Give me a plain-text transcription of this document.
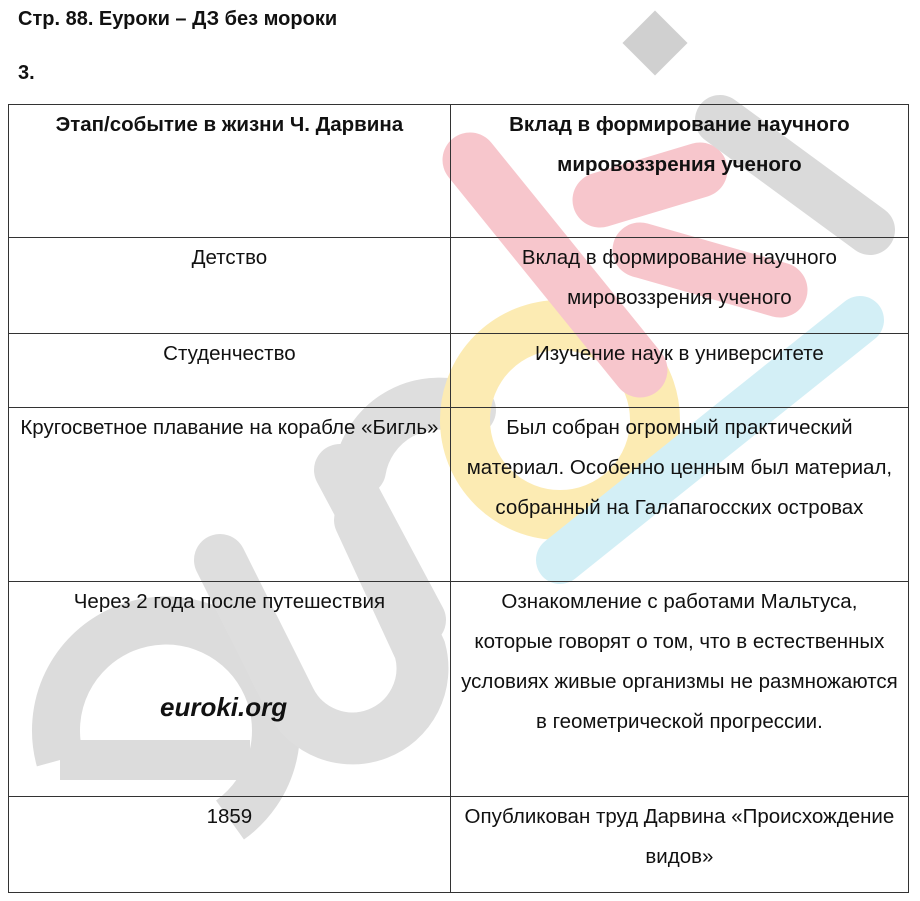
Стр. 88. Еуроки – ДЗ без мороки
3.
Этап/событие в жизни Ч. Дарвина	Вклад в формирование научного мировоззрения ученого
Детство	Вклад в формирование научного мировоззрения ученого
Студенчество	Изучение наук в университете
Кругосветное плавание на корабле «Бигль»	Был собран огромный практический материал. Особенно ценным был материал, собранный на Галапагосских островах
Через 2 года после путешествия	Ознакомление с работами Мальтуса, которые говорят о том, что в естественных условиях живые организмы не размножаются в геометрической прогрессии.
1859	Опубликован труд Дарвина «Происхождение видов»
euroki.org
